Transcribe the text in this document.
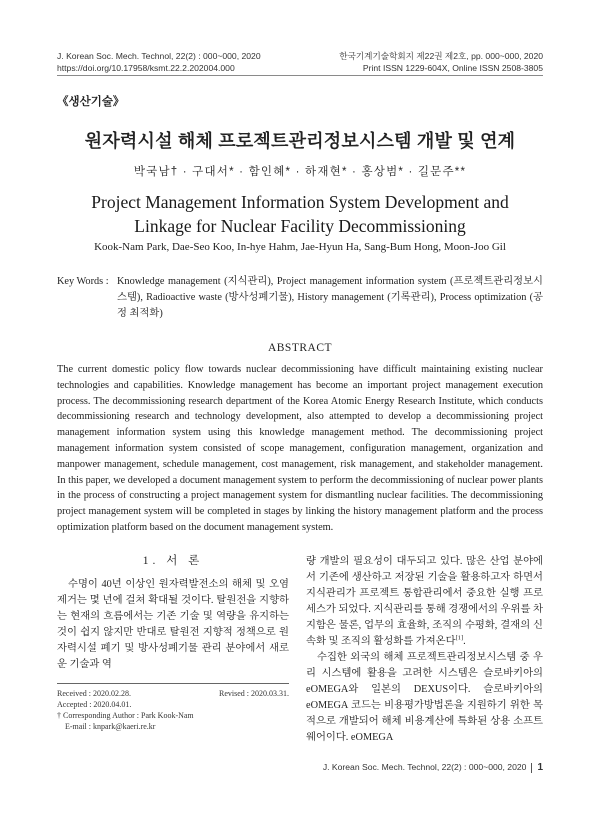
J. Korean Soc. Mech. Technol, 22(2) : 000~000, 2020
https://doi.org/10.17958/ksmt.22.2.202004.000
한국기계기술학회지 제22권 제2호, pp. 000~000, 2020
Print ISSN 1229-604X, Online ISSN 2508-3805
《생산기술》
원자력시설 해체 프로젝트관리정보시스템 개발 및 연계
박국남† · 구대서* · 함인혜* · 하재현* · 홍상범* · 길문주**
Project Management Information System Development and
Linkage for Nuclear Facility Decommissioning
Kook-Nam Park, Dae-Seo Koo, In-hye Hahm, Jae-Hyun Ha, Sang-Bum Hong, Moon-Joo Gil
Key Words : Knowledge management (지식관리), Project management information system (프로젝트관리정보시스템), Radioactive waste (방사성폐기물), History management (기록관리), Process optimization (공정 최적화)
ABSTRACT

The current domestic policy flow towards nuclear decommissioning have difficult maintaining existing nuclear technologies and capabilities. Knowledge management has become an important project management execution process. The decommissioning research department of the Korea Atomic Energy Research Institute, which conducts decommissioning research and technology development, also attempted to develop a decommissioning project management information system using this knowledge management method. The decommissioning project management information system consisted of scope management, configuration management, organization and manpower management, schedule management, cost management, risk management, and stakeholder management. In this paper, we developed a document management system to perform the decommissioning of nuclear power plants in the process of constructing a project management system for dismantling nuclear facilities. The decommissioning project management system will be completed in stages by linking the history management platform and the process optimization platform based on the document management system.

1. 서 론

수명이 40년 이상인 원자력발전소의 해체 및 오염 제거는 몇 년에 걸쳐 확대될 것이다. 탈원전을 지향하는 현재의 흐름에서는 기존 기술 및 역량을 유지하는 것이 쉽지 않지만 반대로 탈원전 지향적 정책으로 원자력시설 폐기 및 방사성폐기물 관리 분야에서 새로운 기술과 역

량 개발의 필요성이 대두되고 있다. 많은 산업 분야에서 기존에 생산하고 저장된 기술을 활용하고자 하면서 지식관리가 프로젝트 통합관리에서 중요한 실행 프로세스가 되었다. 지식관리를 통해 경쟁에서의 우위를 차지함은 물론, 업무의 효율화, 조직의 수평화, 결재의 신속화 및 조직의 활성화를 가져온다[1].

수집한 외국의 해체 프로젝트관리정보시스템 중 우리 시스템에 활용을 고려한 시스템은 슬로바키아의 eOMEGA와 일본의 DEXUS이다. 슬로바키아의 eOMEGA 코드는 비용평가방법론을 지원하기 위한 목적으로 개발되어 해체 비용계산에 특화된 상용 소프트웨어이다. eOMEGA

Received : 2020.02.28.	Revised : 2020.03.31.
Accepted : 2020.04.01.
† Corresponding Author : Park Kook-Nam
E-mail : knpark@kaeri.re.kr
J. Korean Soc. Mech. Technol, 22(2) : 000~000, 2020 1
